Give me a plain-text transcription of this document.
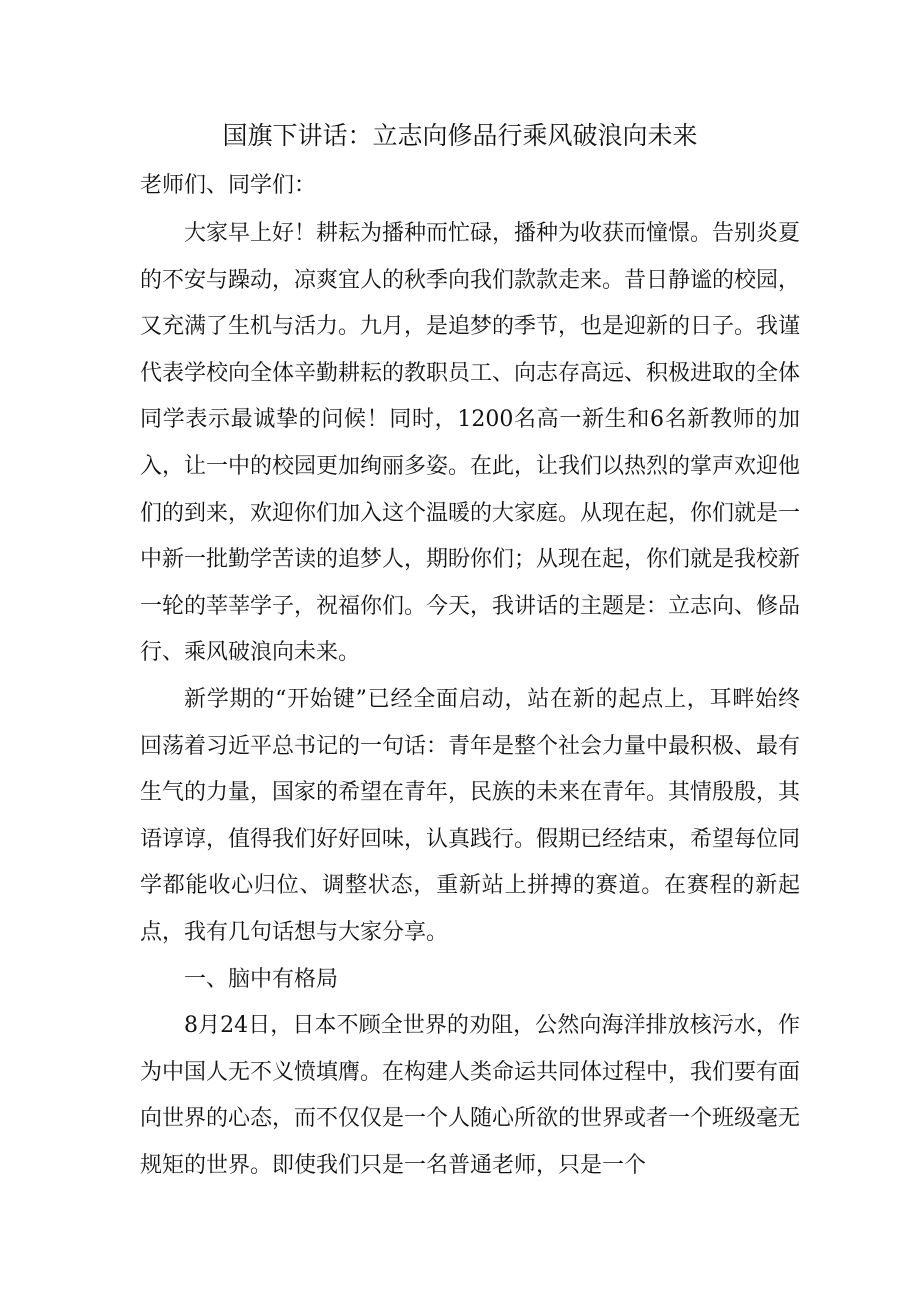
国旗下讲话：立志向修品行乘风破浪向未来
老师们、同学们：

大家早上好！耕耘为播种而忙碌，播种为收获而憧憬。告别炎夏的不安与躁动，凉爽宜人的秋季向我们款款走来。昔日静谧的校园，又充满了生机与活力。九月，是追梦的季节，也是迎新的日子。我谨代表学校向全体辛勤耕耘的教职员工、向志存高远、积极进取的全体同学表示最诚挚的问候！同时，1200名高一新生和6名新教师的加入，让一中的校园更加绚丽多姿。在此，让我们以热烈的掌声欢迎他们的到来，欢迎你们加入这个温暖的大家庭。从现在起，你们就是一中新一批勤学苦读的追梦人，期盼你们；从现在起，你们就是我校新一轮的莘莘学子，祝福你们。今天，我讲话的主题是：立志向、修品行、乘风破浪向未来。

新学期的“开始键”已经全面启动，站在新的起点上，耳畔始终回荡着习近平总书记的一句话：青年是整个社会力量中最积极、最有生气的力量，国家的希望在青年，民族的未来在青年。其情殷殷，其语谆谆，值得我们好好回味，认真践行。假期已经结束，希望每位同学都能收心归位、调整状态，重新站上拼搏的赛道。在赛程的新起点，我有几句话想与大家分享。

一、脑中有格局

8月24日，日本不顾全世界的劝阻，公然向海洋排放核污水，作为中国人无不义愤填膺。在构建人类命运共同体过程中，我们要有面向世界的心态，而不仅仅是一个人随心所欲的世界或者一个班级毫无规矩的世界。即使我们只是一名普通老师，只是一个
